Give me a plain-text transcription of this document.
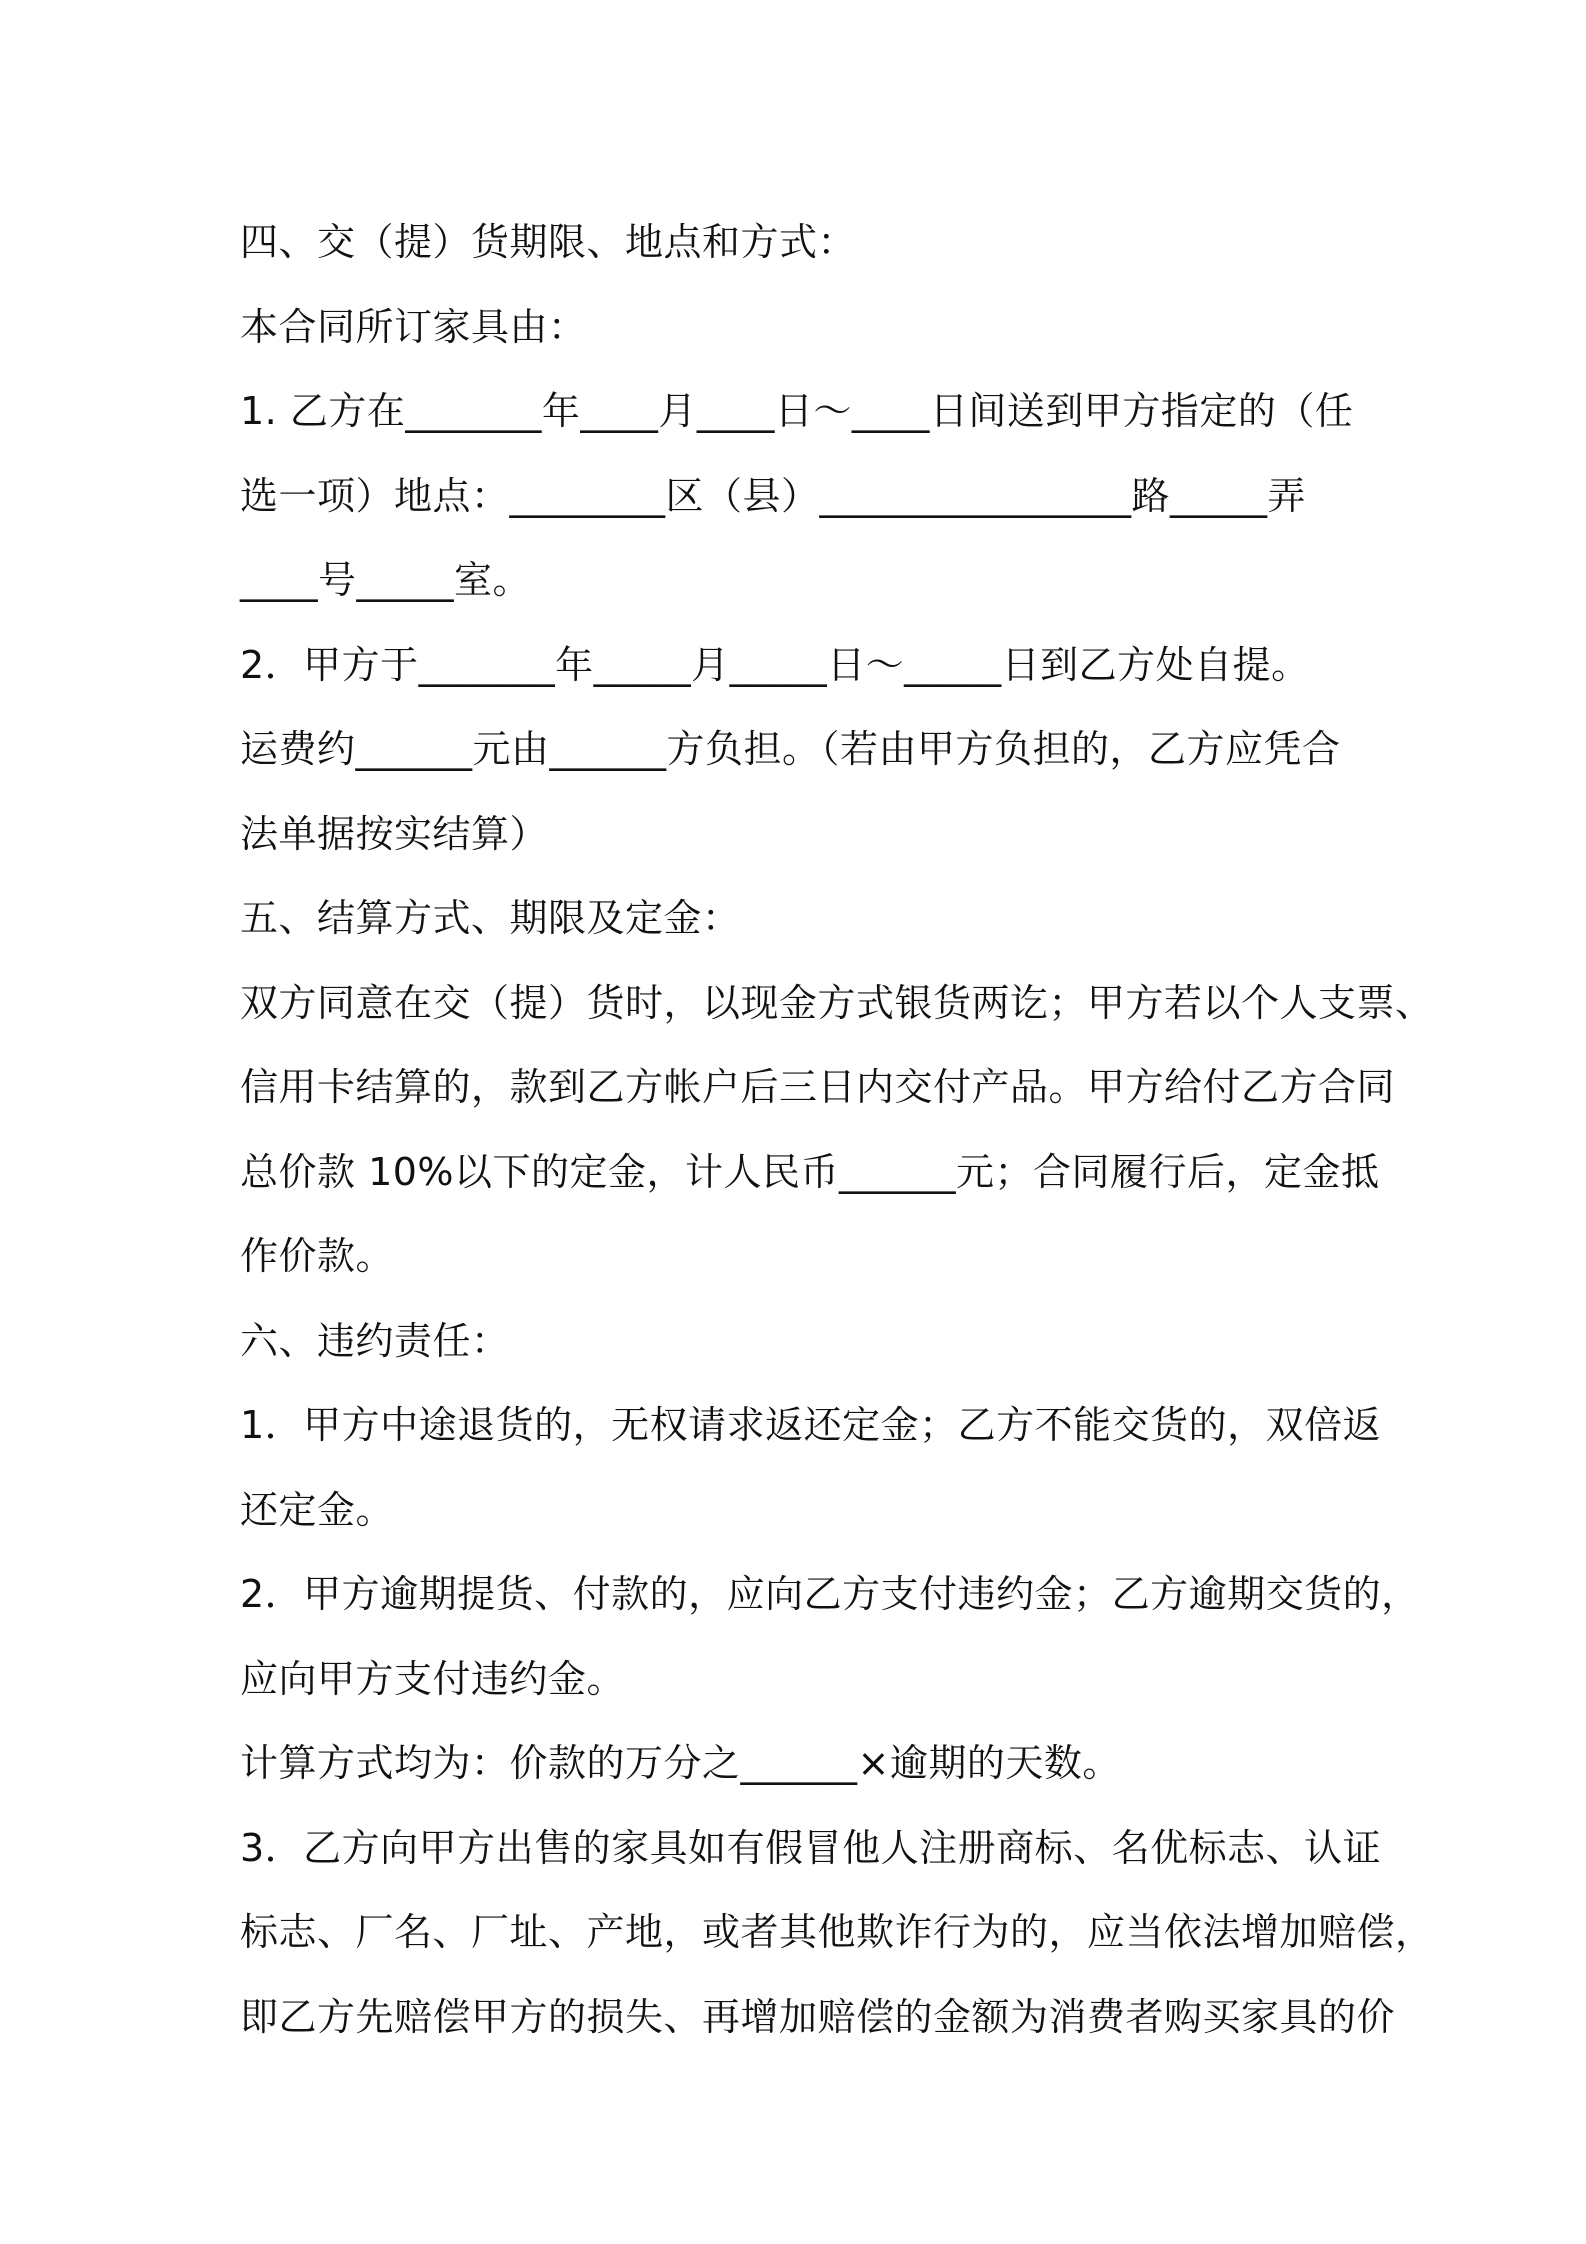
四、交（提）货期限、地点和方式：
本合同所订家具由：
1. 乙方在_______年____月____日～____日间送到甲方指定的（任
选一项）地点：________区（县）________________路_____弄
____号_____室。
2．甲方于_______年_____月_____日～_____日到乙方处自提。
运费约______元由______方负担。（若由甲方负担的，乙方应凭合
法单据按实结算）
五、结算方式、期限及定金：
双方同意在交（提）货时，以现金方式银货两讫；甲方若以个人支票、
信用卡结算的，款到乙方帐户后三日内交付产品。甲方给付乙方合同
总价款 10%以下的定金，计人民币______元；合同履行后，定金抵
作价款。
六、违约责任：
1．甲方中途退货的，无权请求返还定金；乙方不能交货的，双倍返
还定金。
2．甲方逾期提货、付款的，应向乙方支付违约金；乙方逾期交货的，
应向甲方支付违约金。
计算方式均为：价款的万分之______×逾期的天数。
3．乙方向甲方出售的家具如有假冒他人注册商标、名优标志、认证
标志、厂名、厂址、产地，或者其他欺诈行为的，应当依法增加赔偿，
即乙方先赔偿甲方的损失、再增加赔偿的金额为消费者购买家具的价
